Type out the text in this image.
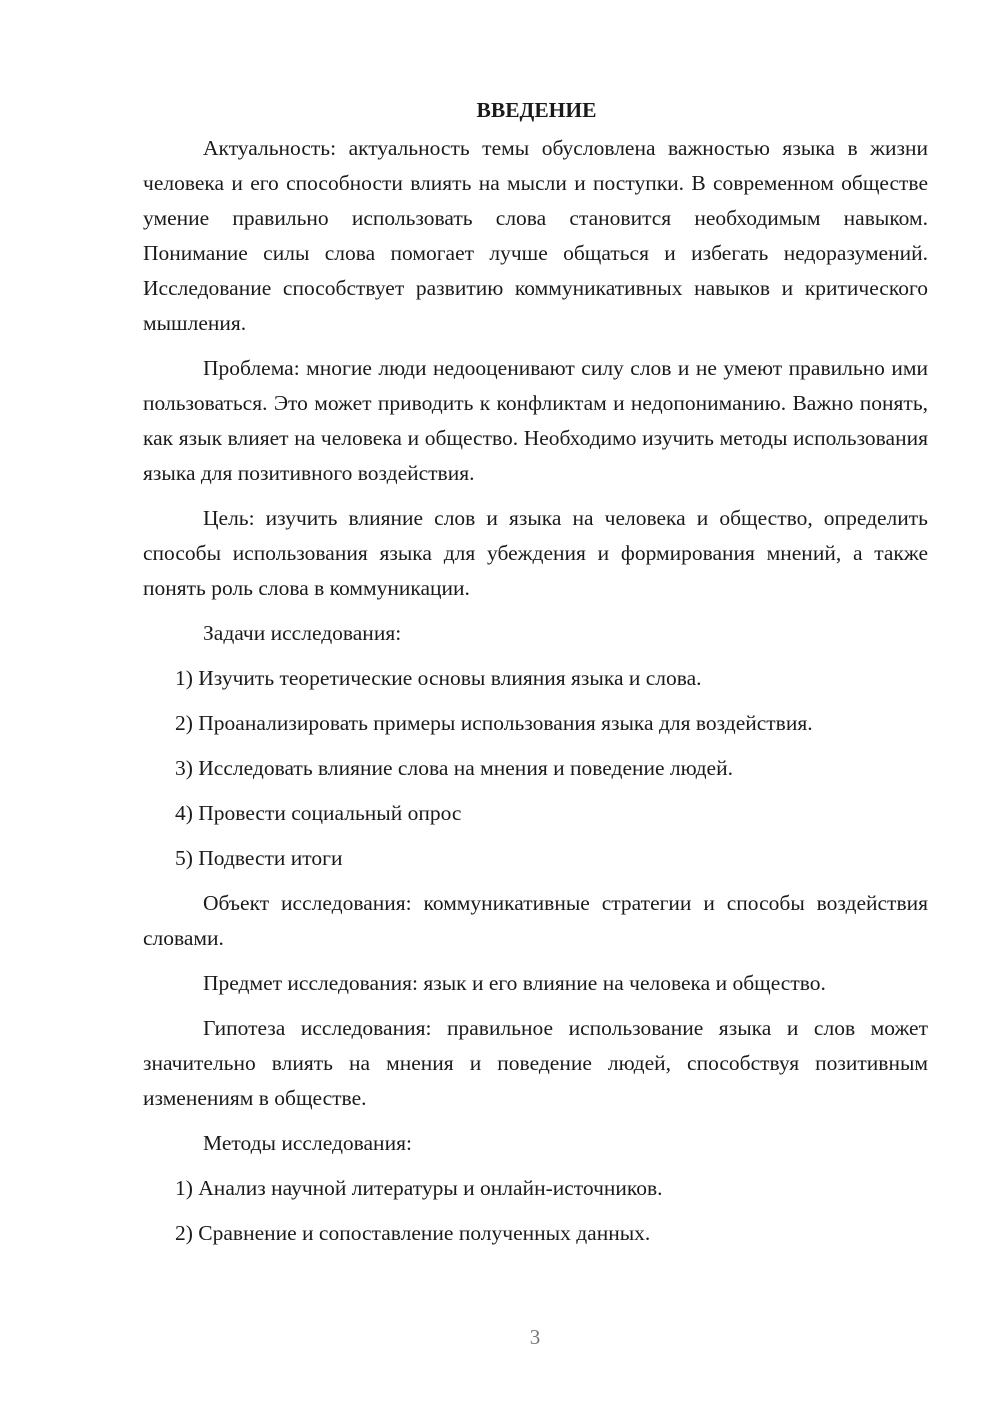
ВВЕДЕНИЕ

Актуальность: актуальность темы обусловлена важностью языка в жизни человека и его способности влиять на мысли и поступки. В современном обществе умение правильно использовать слова становится необходимым навыком. Понимание силы слова помогает лучше общаться и избегать недоразумений. Исследование способствует развитию коммуникативных навыков и критического мышления.

Проблема: многие люди недооценивают силу слов и не умеют правильно ими пользоваться. Это может приводить к конфликтам и недопониманию. Важно понять, как язык влияет на человека и общество. Необходимо изучить методы использования языка для позитивного воздействия.

Цель: изучить влияние слов и языка на человека и общество, определить способы использования языка для убеждения и формирования мнений, а также понять роль слова в коммуникации.

Задачи исследования:

1) Изучить теоретические основы влияния языка и слова.

2) Проанализировать примеры использования языка для воздействия.

3) Исследовать влияние слова на мнения и поведение людей.

4) Провести социальный опрос

5) Подвести итоги

Объект исследования: коммуникативные стратегии и способы воздействия словами.

Предмет исследования: язык и его влияние на человека и общество.

Гипотеза исследования: правильное использование языка и слов может значительно влиять на мнения и поведение людей, способствуя позитивным изменениям в обществе.

Методы исследования:

1) Анализ научной литературы и онлайн-источников.

2) Сравнение и сопоставление полученных данных.

3
